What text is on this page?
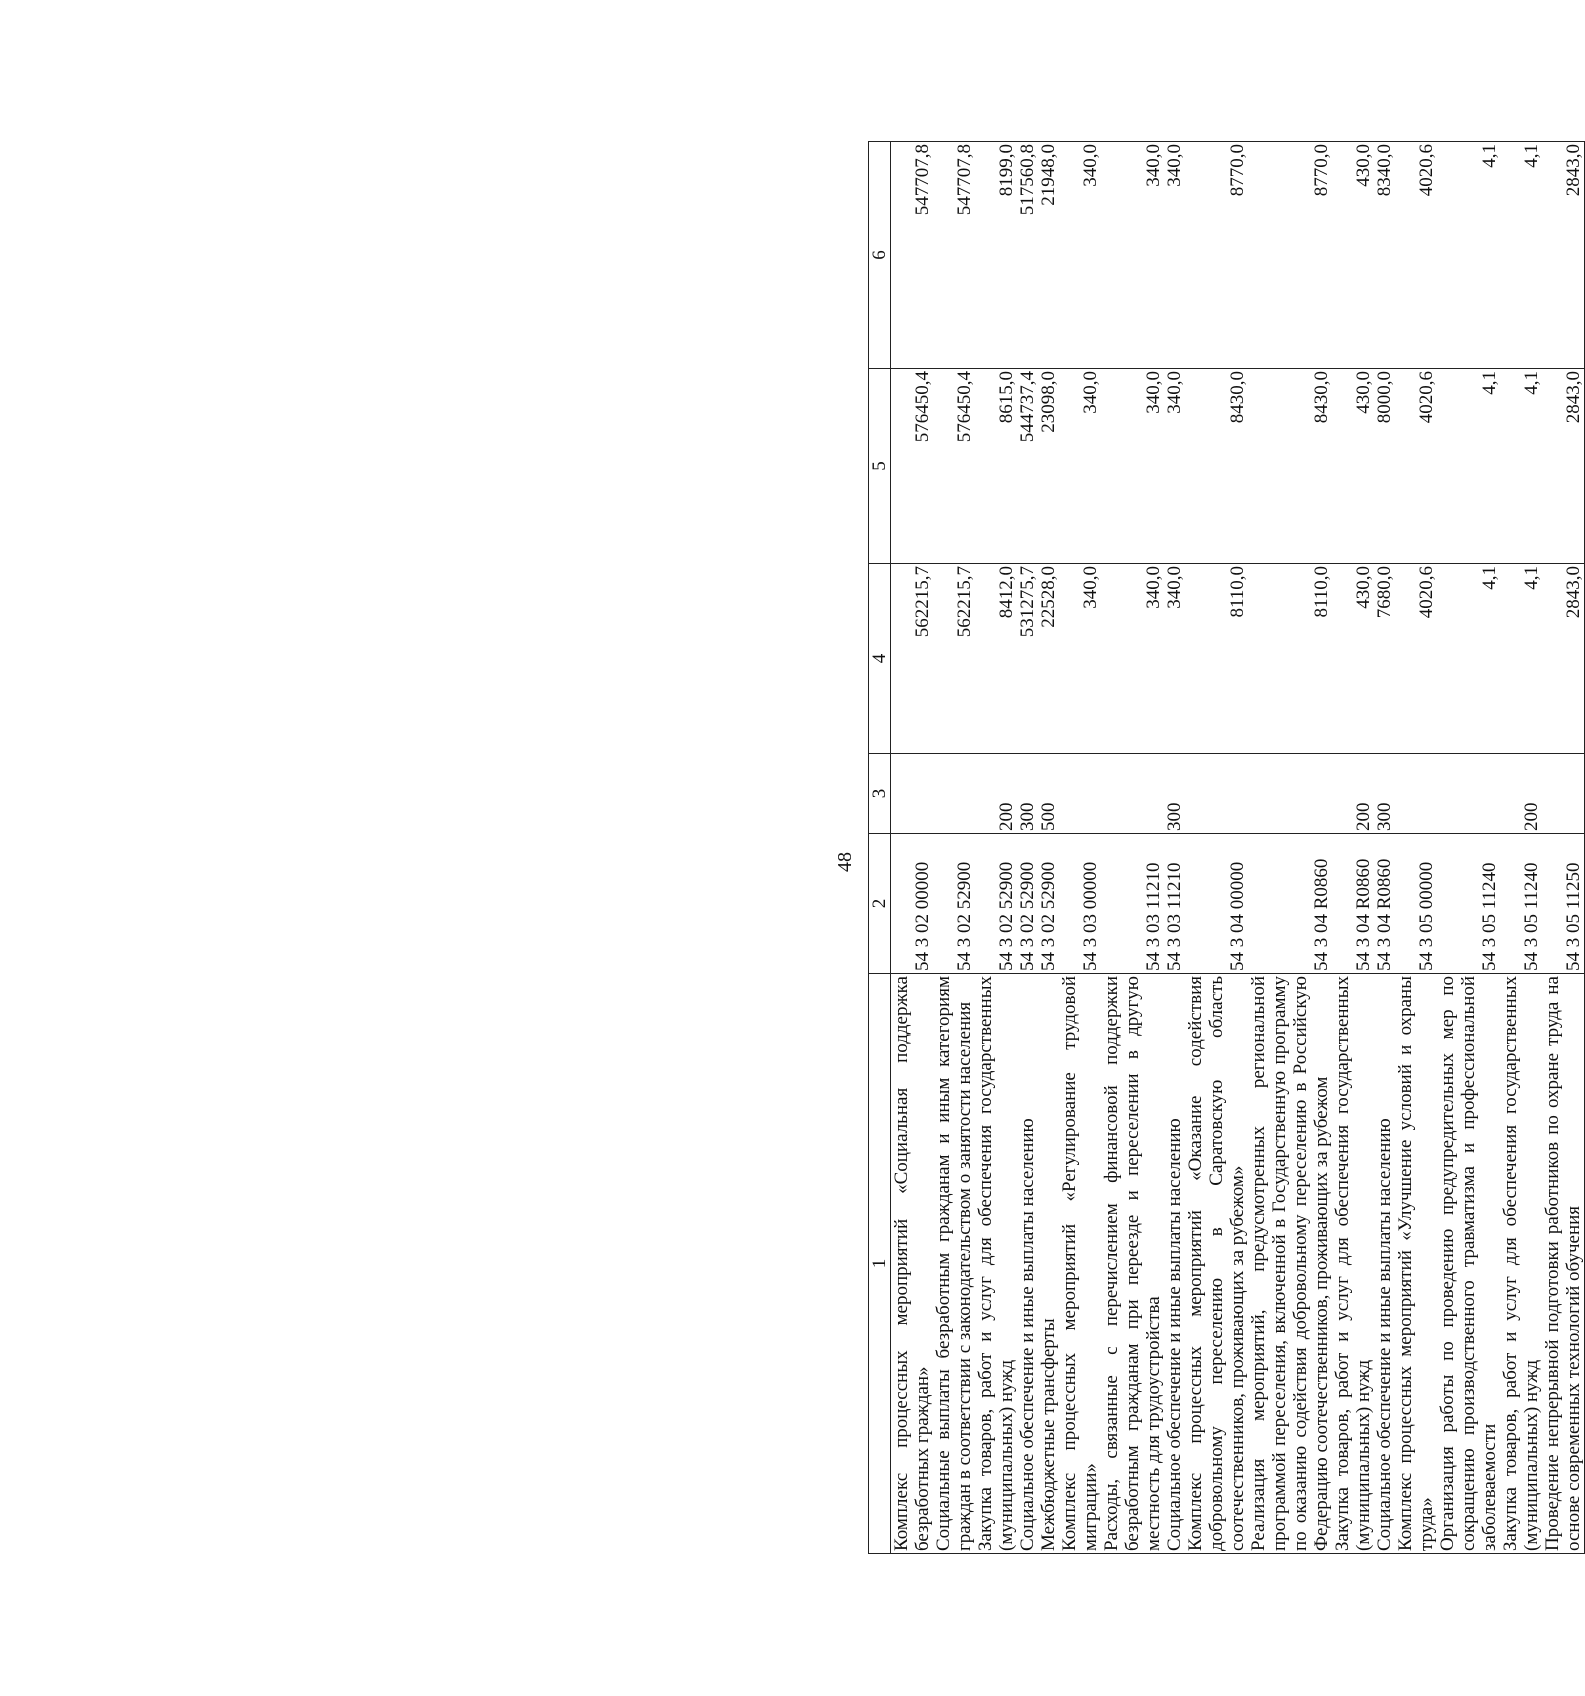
48
1	2	3	4	5	6
Комплекс процессных мероприятий «Социальная поддержка безработных граждан»	54 3 02 00000		562215,7	576450,4	547707,8
Социальные выплаты безработным гражданам и иным категориям граждан в соответствии с законодательством о занятости населения	54 3 02 52900		562215,7	576450,4	547707,8
Закупка товаров, работ и услуг для обеспечения государственных (муниципальных) нужд	54 3 02 52900	200	8412,0	8615,0	8199,0
Социальное обеспечение и иные выплаты населению	54 3 02 52900	300	531275,7	544737,4	517560,8
Межбюджетные трансферты	54 3 02 52900	500	22528,0	23098,0	21948,0
Комплекс процессных мероприятий «Регулирование трудовой миграции»	54 3 03 00000		340,0	340,0	340,0
Расходы, связанные с перечислением финансовой поддержки безработным гражданам при переезде и переселении в другую местность для трудоустройства	54 3 03 11210		340,0	340,0	340,0
Социальное обеспечение и иные выплаты населению	54 3 03 11210	300	340,0	340,0	340,0
Комплекс процессных мероприятий «Оказание содействия добровольному переселению в Саратовскую область соотечественников, проживающих за рубежом»	54 3 04 00000		8110,0	8430,0	8770,0
Реализация мероприятий, предусмотренных региональной программой переселения, включенной в Государственную программу по оказанию содействия добровольному переселению в Российскую Федерацию соотечественников, проживающих за рубежом	54 3 04 R0860		8110,0	8430,0	8770,0
Закупка товаров, работ и услуг для обеспечения государственных (муниципальных) нужд	54 3 04 R0860	200	430,0	430,0	430,0
Социальное обеспечение и иные выплаты населению	54 3 04 R0860	300	7680,0	8000,0	8340,0
Комплекс процессных мероприятий «Улучшение условий и охраны труда»	54 3 05 00000		4020,6	4020,6	4020,6
Организация работы по проведению предупредительных мер по сокращению производственного травматизма и профессиональной заболеваемости	54 3 05 11240		4,1	4,1	4,1
Закупка товаров, работ и услуг для обеспечения государственных (муниципальных) нужд	54 3 05 11240	200	4,1	4,1	4,1
Проведение непрерывной подготовки работников по охране труда на основе современных технологий обучения	54 3 05 11250		2843,0	2843,0	2843,0
